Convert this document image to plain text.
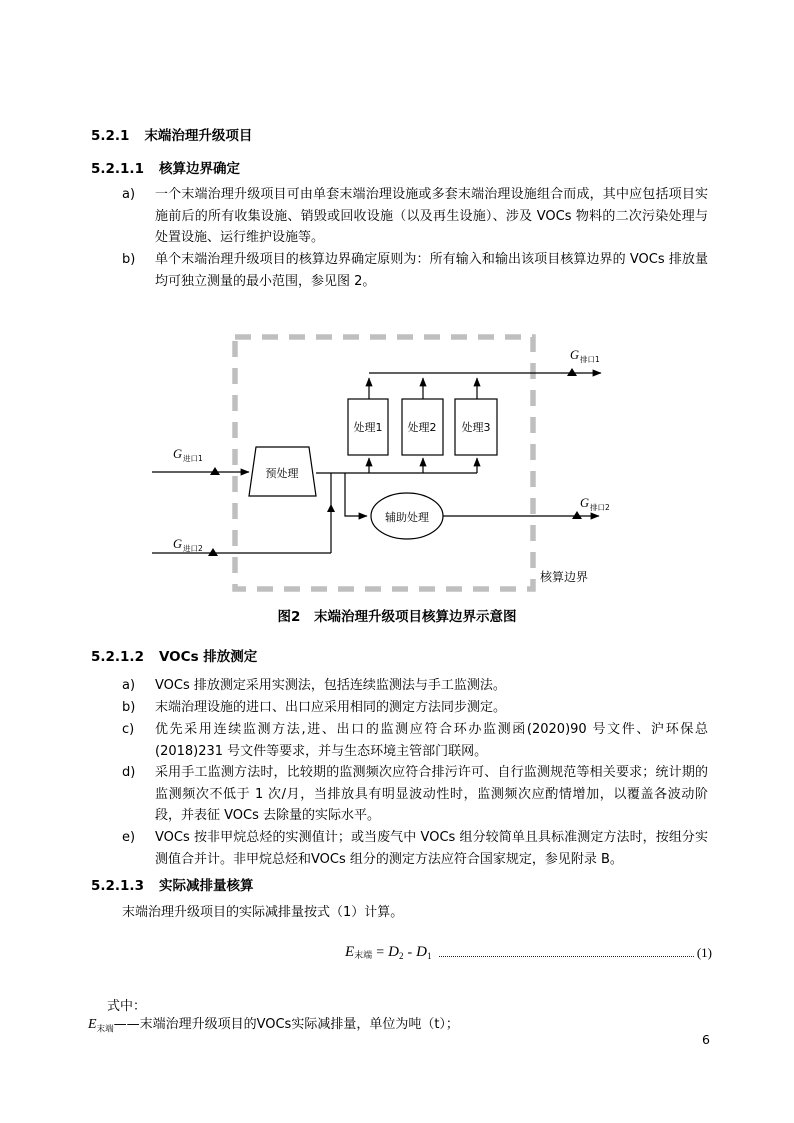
5.2.1 末端治理升级项目
5.2.1.1 核算边界确定
a) 一个末端治理升级项目可由单套末端治理设施或多套末端治理设施组合而成，其中应包括项目实施前后的所有收集设施、销毁或回收设施（以及再生设施）、涉及 VOCs 物料的二次污染处理与处置设施、运行维护设施等。
b) 单个末端治理升级项目的核算边界确定原则为：所有输入和输出该项目核算边界的 VOCs 排放量均可独立测量的最小范围，参见图 2。
预处理
处理1 处理2 处理3
辅助处理
G 排口1
G 排口2
G 进口1
G 进口2
核算边界
图2　末端治理升级项目核算边界示意图
5.2.1.2 VOCs 排放测定
a) VOCs 排放测定采用实测法，包括连续监测法与手工监测法。
b) 末端治理设施的进口、出口应采用相同的测定方法同步测定。
c) 优先采用连续监测方法,进、出口的监测应符合环办监测函(2020)90 号文件、沪环保总(2018)231 号文件等要求，并与生态环境主管部门联网。
d) 采用手工监测方法时，比较期的监测频次应符合排污许可、自行监测规范等相关要求；统计期的监测频次不低于 1 次/月，当排放具有明显波动性时，监测频次应酌情增加，以覆盖各波动阶段，并表征 VOCs 去除量的实际水平。
e) VOCs 按非甲烷总烃的实测值计；或当废气中 VOCs 组分较简单且具标准测定方法时，按组分实测值合并计。非甲烷总烃和VOCs 组分的测定方法应符合国家规定，参见附录 B。
5.2.1.3 实际减排量核算
末端治理升级项目的实际减排量按式（1）计算。
E 末端 = $D_2 - D_1$	(1)
式中：
$E_{末端}——$末端治理升级项目的VOCs实际减排量，单位为吨（t）；
6
